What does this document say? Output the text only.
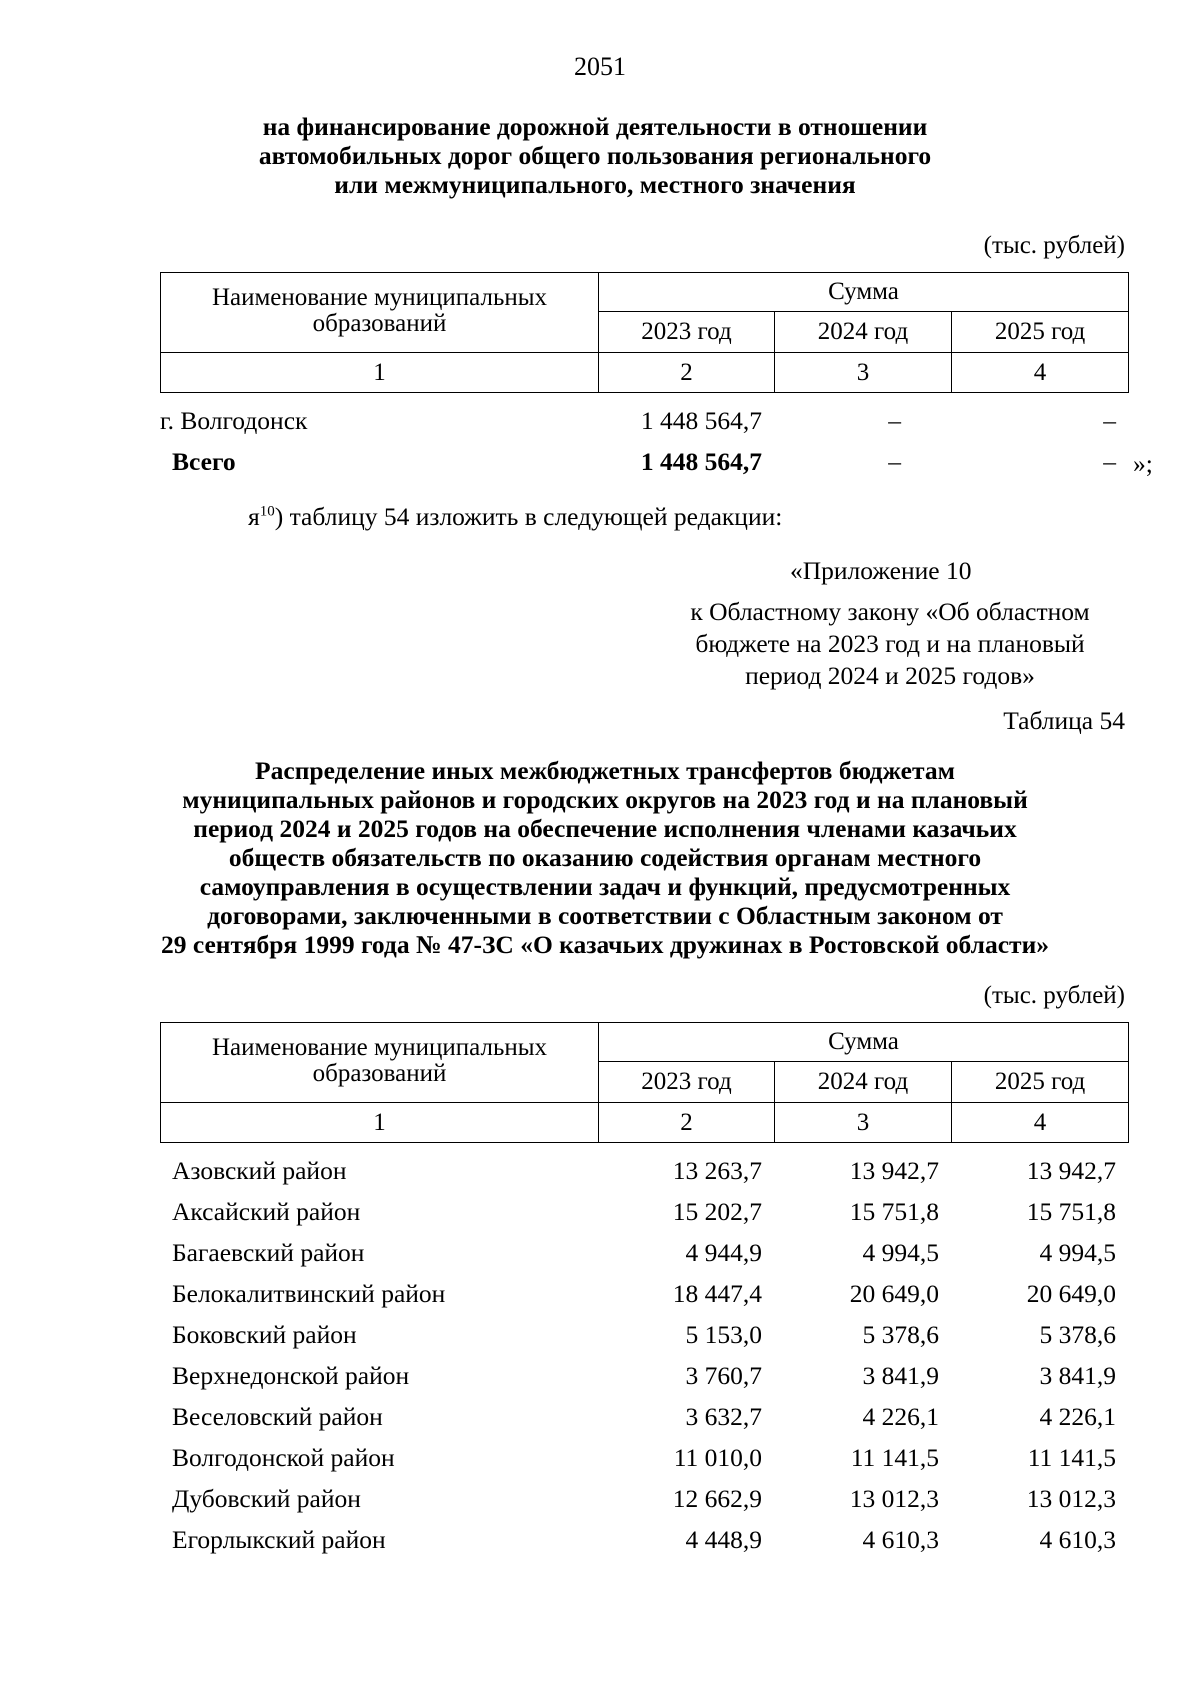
2051
на финансирование дорожной деятельности в отношении
автомобильных дорог общего пользования регионального
или межмуниципального, местного значения
(тыс. рублей)
Наименование муниципальных образований	Сумма		
	2023 год	2024 год	2025 год
1	2	3	4
г. Волгодонск	1 448 564,7	–	–
Всего	1 448 564,7	–	– »;
$я^{10}$) таблицу 54 изложить в следующей редакции:
«Приложение 10
к Областному закону «Об областном
бюджете на 2023 год и на плановый
период 2024 и 2025 годов»
Таблица 54
Распределение иных межбюджетных трансфертов бюджетам
муниципальных районов и городских округов на 2023 год и на плановый
период 2024 и 2025 годов на обеспечение исполнения членами казачьих
обществ обязательств по оказанию содействия органам местного
самоуправления в осуществлении задач и функций, предусмотренных
договорами, заключенными в соответствии с Областным законом от
29 сентября 1999 года № 47-ЗС «О казачьих дружинах в Ростовской области»
(тыс. рублей)
Наименование муниципальных образований	Сумма		
	2023 год	2024 год	2025 год
1	2	3	4
Азовский район	13 263,7	13 942,7	13 942,7
Аксайский район	15 202,7	15 751,8	15 751,8
Багаевский район	4 944,9	4 994,5	4 994,5
Белокалитвинский район	18 447,4	20 649,0	20 649,0
Боковский район	5 153,0	5 378,6	5 378,6
Верхнедонской район	3 760,7	3 841,9	3 841,9
Веселовский район	3 632,7	4 226,1	4 226,1
Волгодонской район	11 010,0	11 141,5	11 141,5
Дубовский район	12 662,9	13 012,3	13 012,3
Егорлыкский район	4 448,9	4 610,3	4 610,3
